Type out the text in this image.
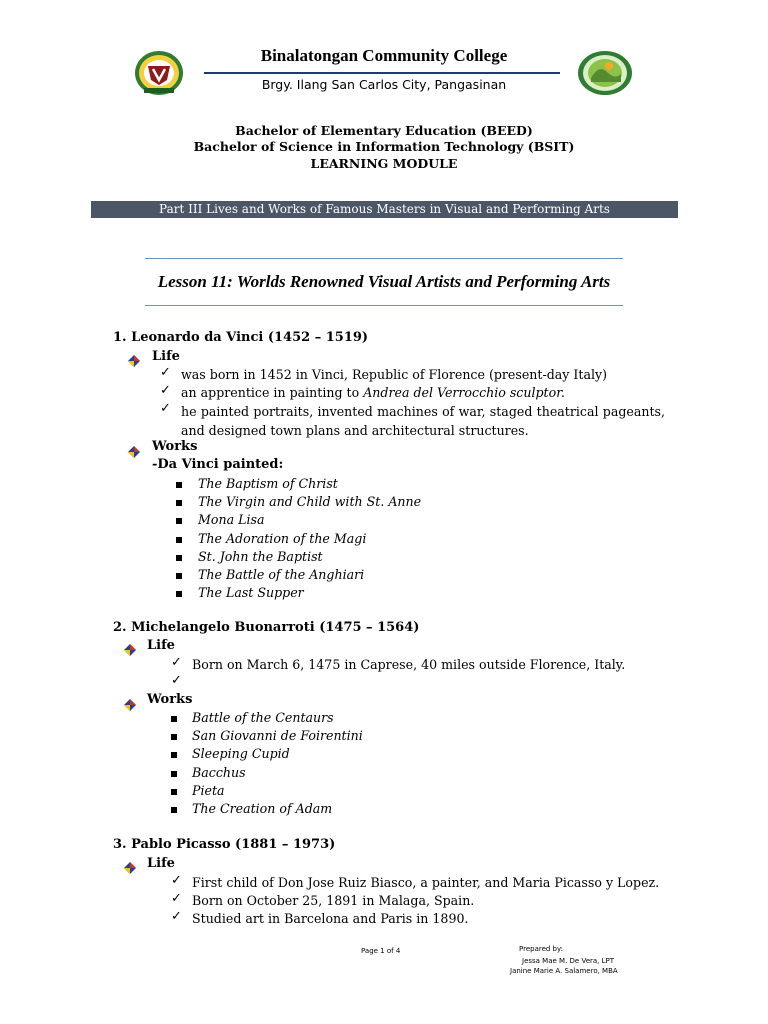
Binalatongan Community College
Brgy. Ilang San Carlos City, Pangasinan
Bachelor of Elementary Education (BEED)
Bachelor of Science in Information Technology (BSIT)
LEARNING MODULE
Part III Lives and Works of Famous Masters in Visual and Performing Arts
Lesson 11: Worlds Renowned Visual Artists and Performing Arts
1. Leonardo da Vinci (1452 – 1519)
Life
✓ was born in 1452 in Vinci, Republic of Florence (present-day Italy)
✓ an apprentice in painting to Andrea del Verrocchio sculptor.
✓ he painted portraits, invented machines of war, staged theatrical pageants, and designed town plans and architectural structures.
Works
-Da Vinci painted:
The Baptism of Christ
The Virgin and Child with St. Anne
Mona Lisa
The Adoration of the Magi
St. John the Baptist
The Battle of the Anghiari
The Last Supper
2. Michelangelo Buonarroti (1475 – 1564)
Life
✓ Born on March 6, 1475 in Caprese, 40 miles outside Florence, Italy.
✓
Works
Battle of the Centaurs
San Giovanni de Foirentini
Sleeping Cupid
Bacchus
Pieta
The Creation of Adam
3. Pablo Picasso (1881 – 1973)
Life
✓ First child of Don Jose Ruiz Biasco, a painter, and Maria Picasso y Lopez.
✓ Born on October 25, 1891 in Malaga, Spain.
✓ Studied art in Barcelona and Paris in 1890.
Page 1 of 4	Prepared by:
Jessa Mae M. De Vera, LPT
Janine Marie A. Salamero, MBA
